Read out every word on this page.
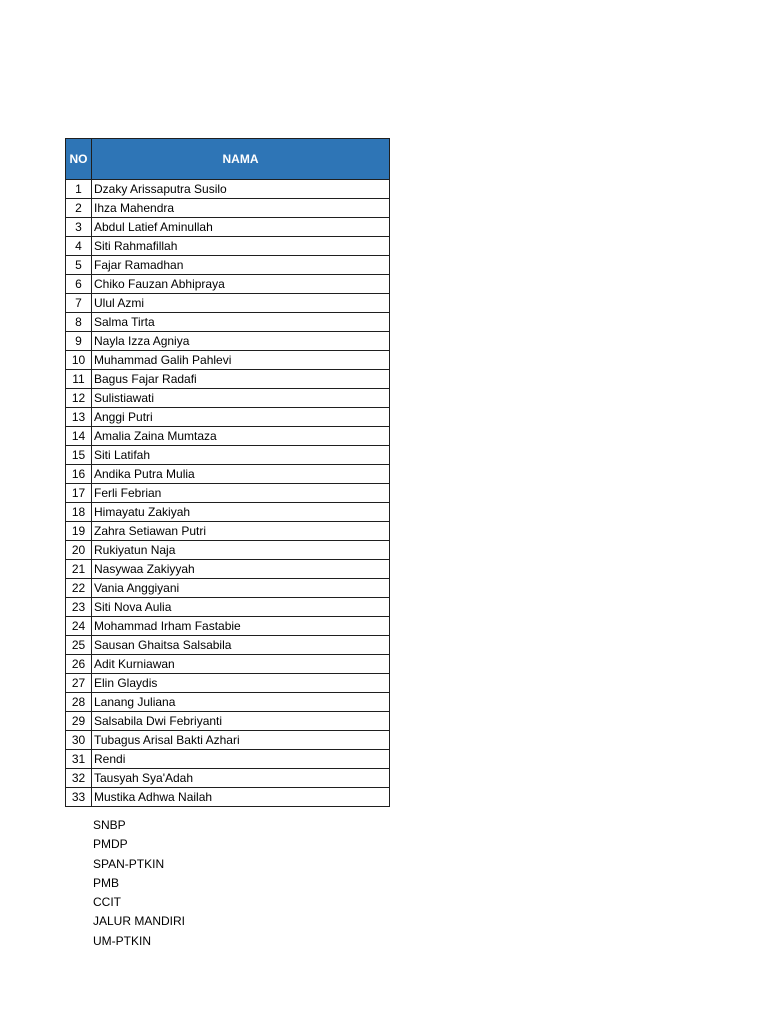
NO	NAMA
1	Dzaky Arissaputra Susilo
2	Ihza Mahendra
3	Abdul Latief Aminullah
4	Siti Rahmafillah
5	Fajar Ramadhan
6	Chiko Fauzan Abhipraya
7	Ulul Azmi
8	Salma Tirta
9	Nayla Izza Agniya
10	Muhammad Galih Pahlevi
11	Bagus Fajar Radafi
12	Sulistiawati
13	Anggi Putri
14	Amalia Zaina Mumtaza
15	Siti Latifah
16	Andika Putra Mulia
17	Ferli Febrian
18	Himayatu Zakiyah
19	Zahra Setiawan Putri
20	Rukiyatun Naja
21	Nasywaa Zakiyyah
22	Vania Anggiyani
23	Siti Nova Aulia
24	Mohammad Irham Fastabie
25	Sausan Ghaitsa Salsabila
26	Adit Kurniawan
27	Elin Glaydis
28	Lanang Juliana
29	Salsabila Dwi Febriyanti
30	Tubagus Arisal Bakti Azhari
31	Rendi
32	Tausyah Sya'Adah
33	Mustika Adhwa Nailah
SNBP
PMDP
SPAN-PTKIN
PMB
CCIT
JALUR MANDIRI
UM-PTKIN
